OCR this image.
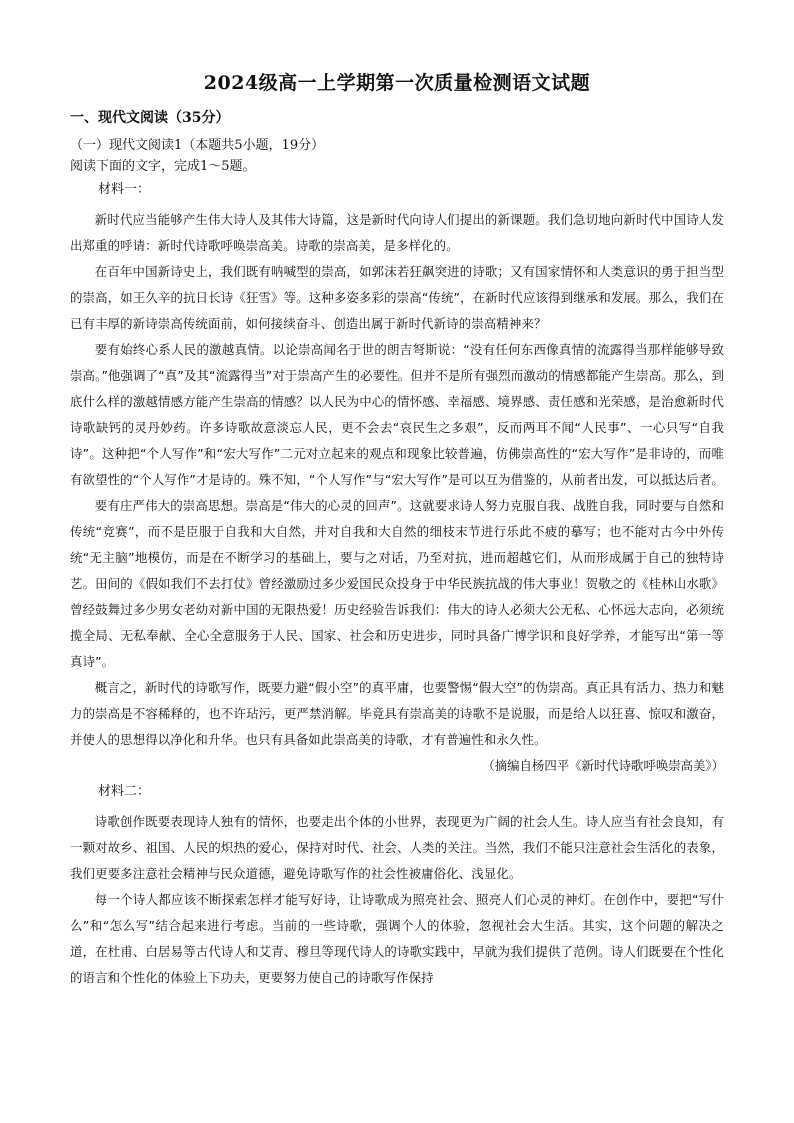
2024级高一上学期第一次质量检测语文试题

一、现代文阅读（35分）

（一）现代文阅读1（本题共5小题，19分）

阅读下面的文字，完成1～5题。

材料一：

新时代应当能够产生伟大诗人及其伟大诗篇，这是新时代向诗人们提出的新课题。我们急切地向新时代中国诗人发出郑重的呼请：新时代诗歌呼唤崇高美。诗歌的崇高美，是多样化的。

在百年中国新诗史上，我们既有呐喊型的崇高，如郭沫若狂飙突进的诗歌；又有国家情怀和人类意识的勇于担当型的崇高，如王久辛的抗日长诗《狂雪》等。这种多姿多彩的崇高“传统”，在新时代应该得到继承和发展。那么，我们在已有丰厚的新诗崇高传统面前，如何接续奋斗、创造出属于新时代新诗的崇高精神来？

要有始终心系人民的激越真情。以论崇高闻名于世的朗吉弩斯说：“没有任何东西像真情的流露得当那样能够导致崇高。”他强调了“真”及其“流露得当”对于崇高产生的必要性。但并不是所有强烈而激动的情感都能产生崇高。那么，到底什么样的激越情感方能产生崇高的情感？以人民为中心的情怀感、幸福感、境界感、责任感和光荣感，是治愈新时代诗歌缺钙的灵丹妙药。许多诗歌故意淡忘人民，更不会去“哀民生之多艰”，反而两耳不闻“人民事”、一心只写“自我诗”。这种把“个人写作”和“宏大写作”二元对立起来的观点和现象比较普遍，仿佛崇高性的“宏大写作”是非诗的，而唯有欲望性的“个人写作”才是诗的。殊不知，“个人写作”与“宏大写作”是可以互为借鉴的，从前者出发，可以抵达后者。

要有庄严伟大的崇高思想。崇高是“伟大的心灵的回声”。这就要求诗人努力克服自我、战胜自我，同时要与自然和传统“竞赛”，而不是臣服于自我和大自然，并对自我和大自然的细枝末节进行乐此不疲的摹写；也不能对古今中外传统“无主脑”地模仿，而是在不断学习的基础上，要与之对话，乃至对抗，进而超越它们，从而形成属于自己的独特诗艺。田间的《假如我们不去打仗》曾经激励过多少爱国民众投身于中华民族抗战的伟大事业！贺敬之的《桂林山水歌》曾经鼓舞过多少男女老幼对新中国的无限热爱！历史经验告诉我们：伟大的诗人必须大公无私、心怀远大志向，必须统揽全局、无私奉献、全心全意服务于人民、国家、社会和历史进步，同时具备广博学识和良好学养，才能写出“第一等真诗”。

概言之，新时代的诗歌写作，既要力避“假小空”的真平庸，也要警惕“假大空”的伪崇高。真正具有活力、热力和魅力的崇高是不容稀释的，也不许玷污，更严禁消解。毕竟具有崇高美的诗歌不是说服，而是给人以狂喜、惊叹和激奋，并使人的思想得以净化和升华。也只有具备如此崇高美的诗歌，才有普遍性和永久性。

（摘编自杨四平《新时代诗歌呼唤崇高美》）

材料二：

诗歌创作既要表现诗人独有的情怀，也要走出个体的小世界，表现更为广阔的社会人生。诗人应当有社会良知，有一颗对故乡、祖国、人民的炽热的爱心，保持对时代、社会、人类的关注。当然，我们不能只注意社会生活化的表象，我们更要多注意社会精神与民众道德，避免诗歌写作的社会性被庸俗化、浅显化。

每一个诗人都应该不断探索怎样才能写好诗，让诗歌成为照亮社会、照亮人们心灵的神灯。在创作中，要把“写什么”和“怎么写”结合起来进行考虑。当前的一些诗歌，强调个人的体验，忽视社会大生活。其实，这个问题的解决之道，在杜甫、白居易等古代诗人和艾青、穆旦等现代诗人的诗歌实践中，早就为我们提供了范例。诗人们既要在个性化的语言和个性化的体验上下功夫，更要努力使自己的诗歌写作保持
